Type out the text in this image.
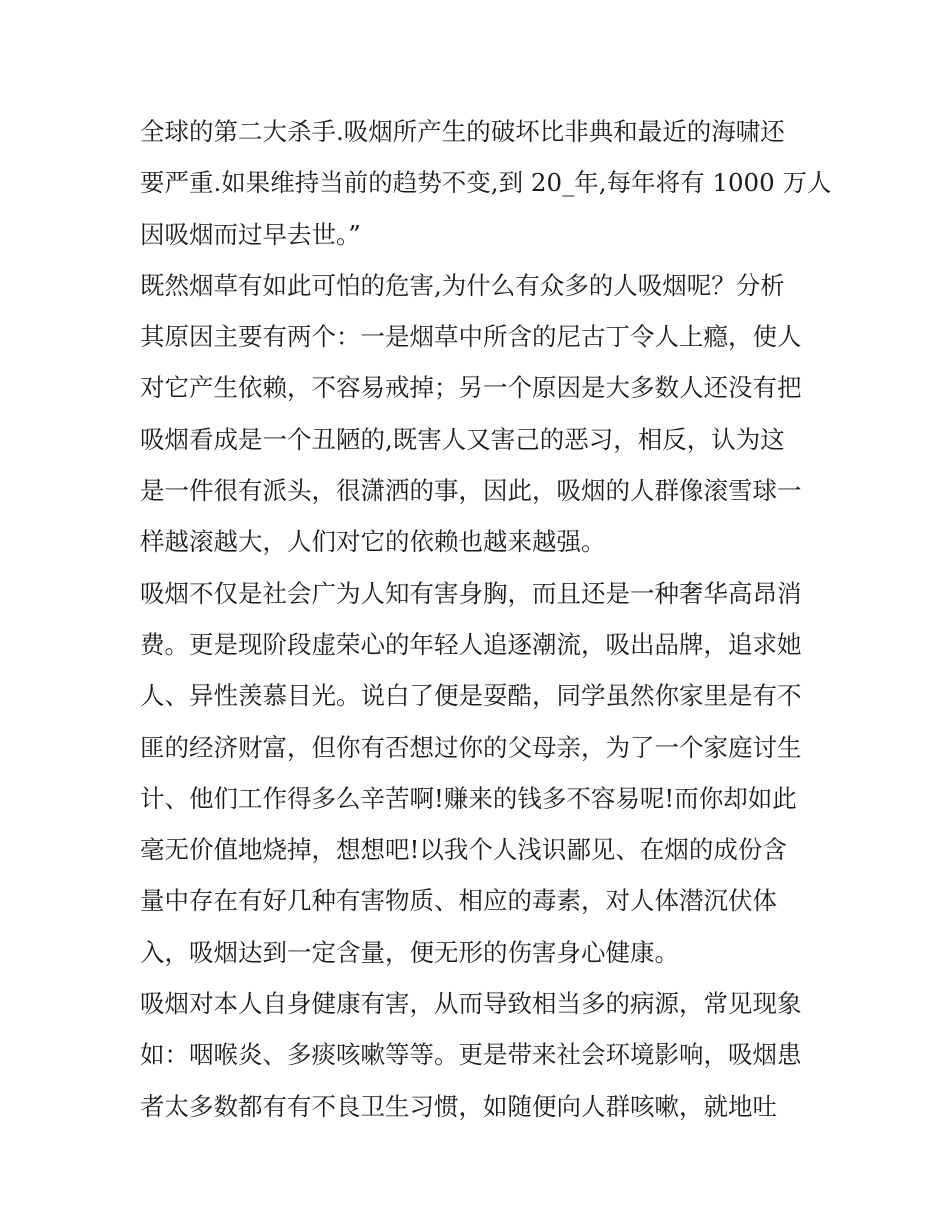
全球的第二大杀手.吸烟所产生的破坏比非典和最近的海啸还
要严重.如果维持当前的趋势不变,到 20_年,每年将有 1000 万人
因吸烟而过早去世。”
既然烟草有如此可怕的危害,为什么有众多的人吸烟呢？分析
其原因主要有两个：一是烟草中所含的尼古丁令人上瘾，使人
对它产生依赖，不容易戒掉；另一个原因是大多数人还没有把
吸烟看成是一个丑陋的,既害人又害己的恶习，相反，认为这
是一件很有派头，很潇洒的事，因此，吸烟的人群像滚雪球一
样越滚越大，人们对它的依赖也越来越强。
吸烟不仅是社会广为人知有害身胸，而且还是一种奢华高昂消
费。更是现阶段虚荣心的年轻人追逐潮流，吸出品牌，追求她
人、异性羡慕目光。说白了便是耍酷，同学虽然你家里是有不
匪的经济财富，但你有否想过你的父母亲，为了一个家庭讨生
计、他们工作得多么辛苦啊!赚来的钱多不容易呢!而你却如此
毫无价值地烧掉，想想吧!以我个人浅识鄙见、在烟的成份含
量中存在有好几种有害物质、相应的毒素，对人体潜沉伏体
入，吸烟达到一定含量，便无形的伤害身心健康。
吸烟对本人自身健康有害，从而导致相当多的病源，常见现象
如：咽喉炎、多痰咳嗽等等。更是带来社会环境影响，吸烟患
者太多数都有有不良卫生习惯，如随便向人群咳嗽，就地吐
